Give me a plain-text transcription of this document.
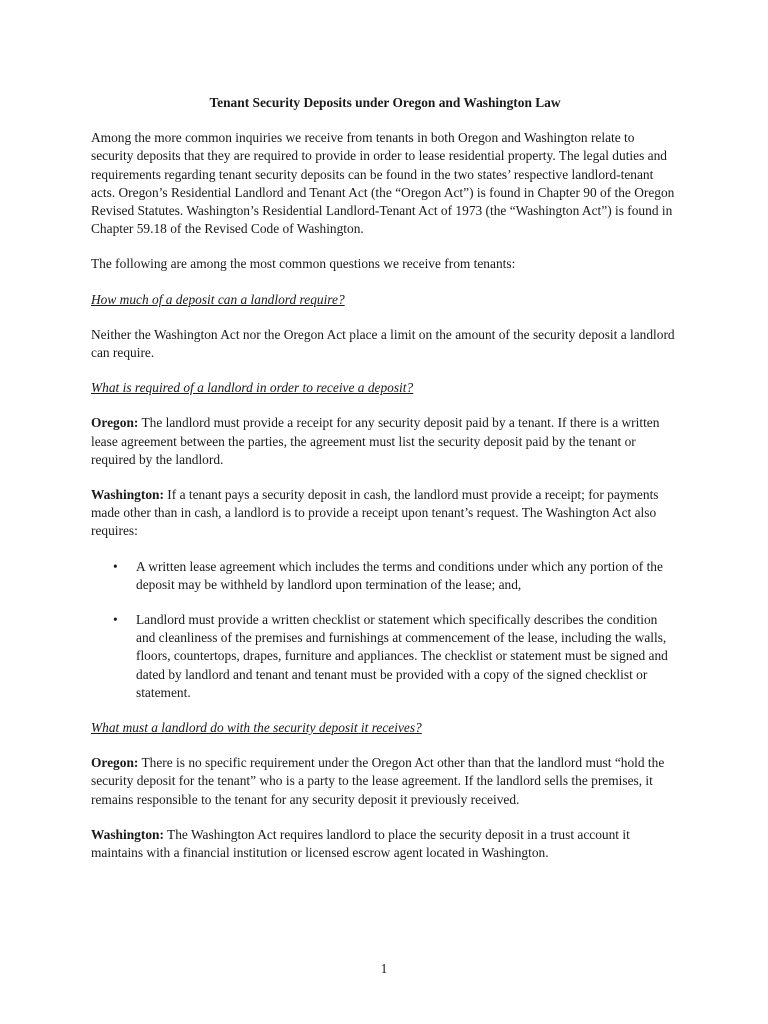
Tenant Security Deposits under Oregon and Washington Law

Among the more common inquiries we receive from tenants in both Oregon and Washington relate to security deposits that they are required to provide in order to lease residential property. The legal duties and requirements regarding tenant security deposits can be found in the two states’ respective landlord-tenant acts. Oregon’s Residential Landlord and Tenant Act (the “Oregon Act”) is found in Chapter 90 of the Oregon Revised Statutes. Washington’s Residential Landlord-Tenant Act of 1973 (the “Washington Act”) is found in Chapter 59.18 of the Revised Code of Washington.

The following are among the most common questions we receive from tenants:

How much of a deposit can a landlord require?

Neither the Washington Act nor the Oregon Act place a limit on the amount of the security deposit a landlord can require.

What is required of a landlord in order to receive a deposit?

Oregon: The landlord must provide a receipt for any security deposit paid by a tenant. If there is a written lease agreement between the parties, the agreement must list the security deposit paid by the tenant or required by the landlord.

Washington: If a tenant pays a security deposit in cash, the landlord must provide a receipt; for payments made other than in cash, a landlord is to provide a receipt upon tenant’s request. The Washington Act also requires:

• A written lease agreement which includes the terms and conditions under which any portion of the deposit may be withheld by landlord upon termination of the lease; and,
• Landlord must provide a written checklist or statement which specifically describes the condition and cleanliness of the premises and furnishings at commencement of the lease, including the walls, floors, countertops, drapes, furniture and appliances. The checklist or statement must be signed and dated by landlord and tenant and tenant must be provided with a copy of the signed checklist or statement.
What must a landlord do with the security deposit it receives?

Oregon: There is no specific requirement under the Oregon Act other than that the landlord must “hold the security deposit for the tenant” who is a party to the lease agreement. If the landlord sells the premises, it remains responsible to the tenant for any security deposit it previously received.

Washington: The Washington Act requires landlord to place the security deposit in a trust account it maintains with a financial institution or licensed escrow agent located in Washington.

1
